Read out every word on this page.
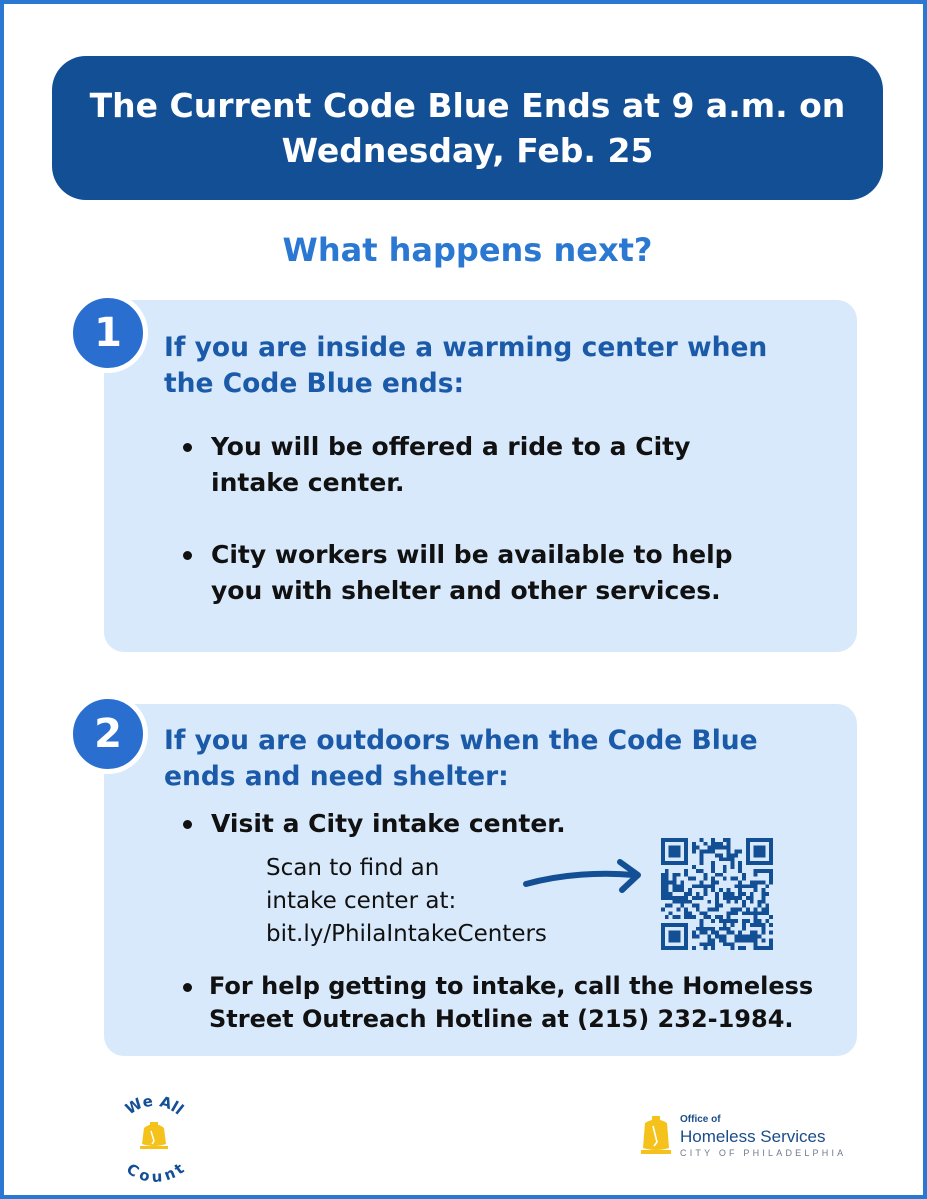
The Current Code Blue Ends at 9 a.m. on
Wednesday, Feb. 25
What happens next?
1	If you are inside a warming center when
the Code Blue ends:
You will be offered a ride to a City
intake center.
City workers will be available to help
you with shelter and other services.
2	If you are outdoors when the Code Blue
ends and need shelter:
Visit a City intake center.
Scan to find an
intake center at:
bit.ly/PhilaIntakeCenters
For help getting to intake, call the Homeless
Street Outreach Hotline at (215) 232-1984.
We All
Count
Office of
Homeless Services
CITY OF PHILADELPHIA
